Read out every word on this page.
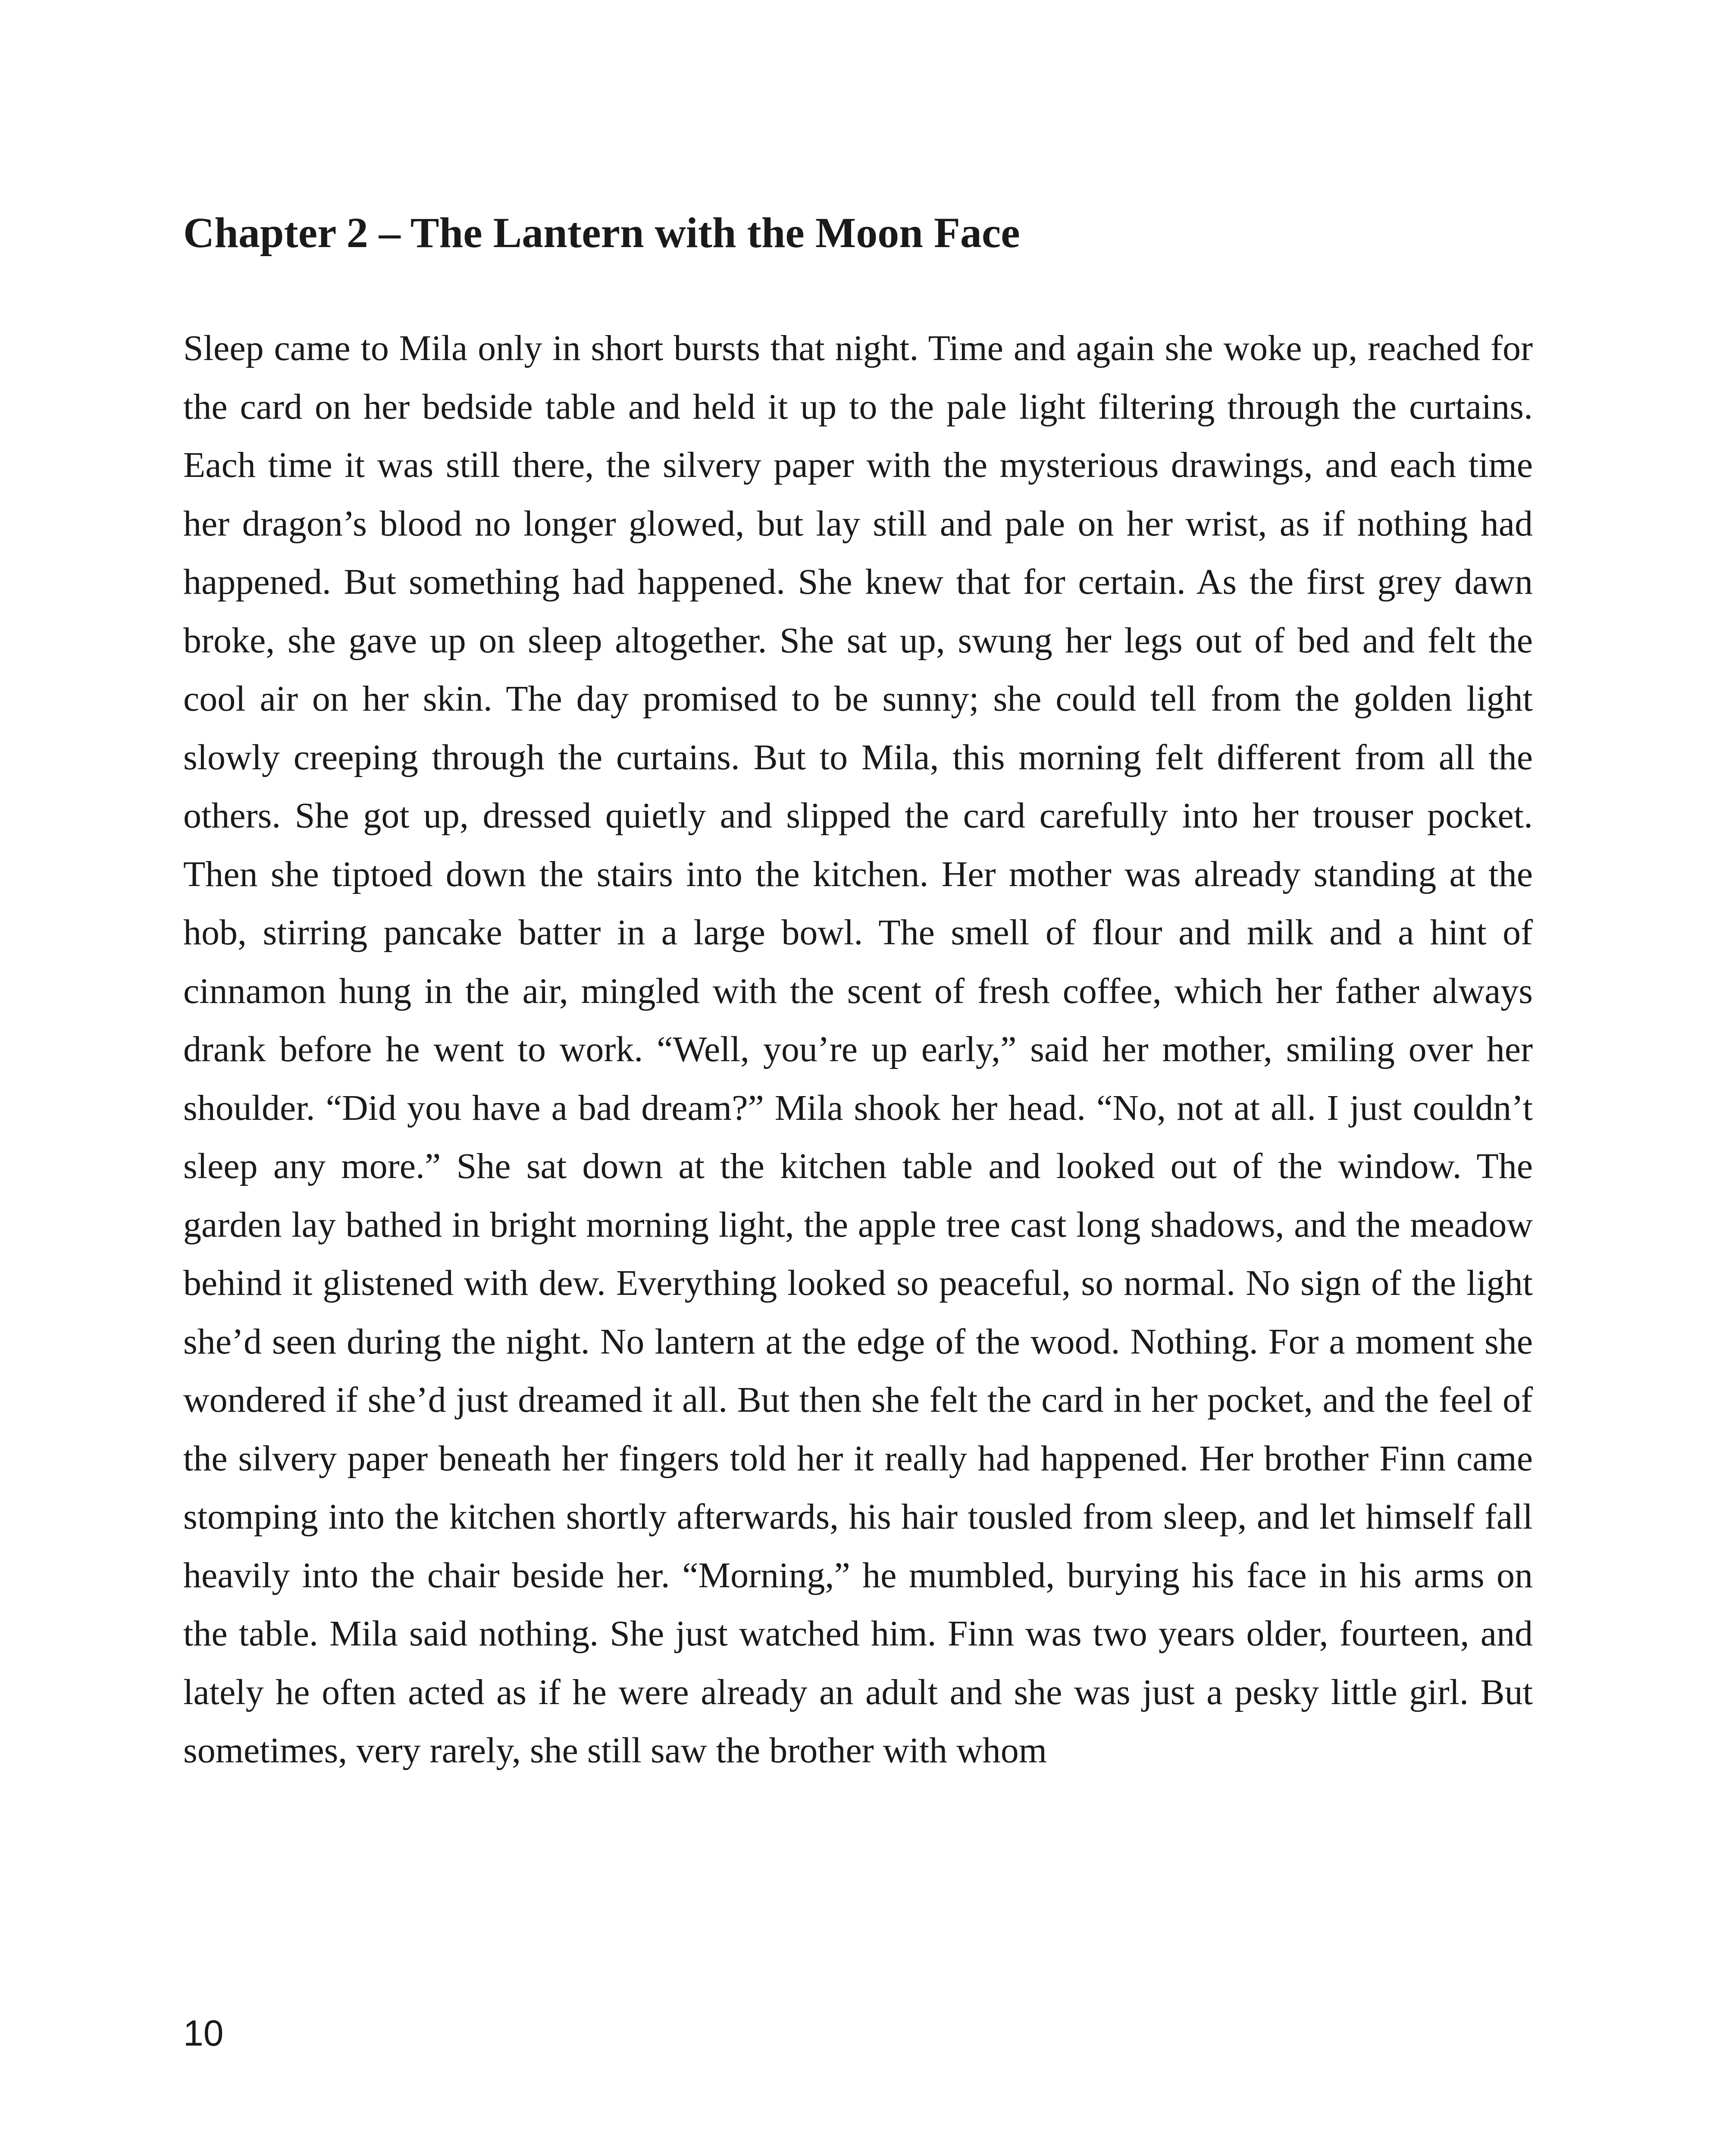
Chapter 2 – The Lantern with the Moon Face

Sleep came to Mila only in short bursts that night. Time and again she woke up, reached for the card on her bedside table and held it up to the pale light filtering through the curtains. Each time it was still there, the silvery paper with the mysterious drawings, and each time her dragon’s blood no longer glowed, but lay still and pale on her wrist, as if nothing had happened. But something had happened. She knew that for certain. As the first grey dawn broke, she gave up on sleep altogether. She sat up, swung her legs out of bed and felt the cool air on her skin. The day promised to be sunny; she could tell from the golden light slowly creeping through the curtains. But to Mila, this morning felt different from all the others. She got up, dressed quietly and slipped the card carefully into her trouser pocket. Then she tiptoed down the stairs into the kitchen. Her mother was already standing at the hob, stirring pancake batter in a large bowl. The smell of flour and milk and a hint of cinnamon hung in the air, mingled with the scent of fresh coffee, which her father always drank before he went to work. “Well, you’re up early,” said her mother, smiling over her shoulder. “Did you have a bad dream?” Mila shook her head. “No, not at all. I just couldn’t sleep any more.” She sat down at the kitchen table and looked out of the window. The garden lay bathed in bright morning light, the apple tree cast long shadows, and the meadow behind it glistened with dew. Everything looked so peaceful, so normal. No sign of the light she’d seen during the night. No lantern at the edge of the wood. Nothing. For a moment she wondered if she’d just dreamed it all. But then she felt the card in her pocket, and the feel of the silvery paper beneath her fingers told her it really had happened. Her brother Finn came stomping into the kitchen shortly afterwards, his hair tousled from sleep, and let himself fall heavily into the chair beside her. “Morning,” he mumbled, burying his face in his arms on the table. Mila said nothing. She just watched him. Finn was two years older, fourteen, and lately he often acted as if he were already an adult and she was just a pesky little girl. But sometimes, very rarely, she still saw the brother with whom

10
